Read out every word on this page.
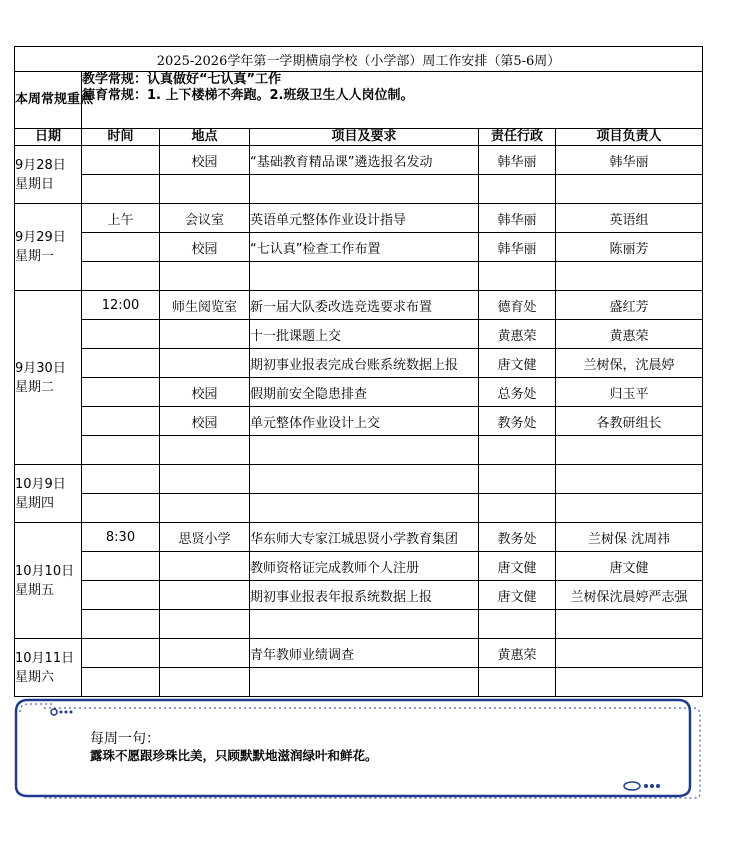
2025-2026学年第一学期横扇学校（小学部）周工作安排（第5-6周）					
本周常规重点	教学常规：认真做好“七认真”工作
德育常规：1. 上下楼梯不奔跑。2.班级卫生人人岗位制。				

日期	时间	地点	项目及要求	责任行政	项目负责人

9月28日
星期日		校园	“基础教育精品课”遴选报名发动	韩华丽	韩华丽

9月29日
星期一	上午	会议室	英语单元整体作业设计指导	韩华丽	英语组
		校园	“七认真”检查工作布置	韩华丽	陈丽芳

9月30日
星期二	12:00	师生阅览室	新一届大队委改选竞选要求布置	德育处	盛红芳
			十一批课题上交	黄惠荣	黄惠荣
			期初事业报表完成台账系统数据上报	唐文健	兰树保，沈晨婷
		校园	假期前安全隐患排查	总务处	归玉平
		校园	单元整体作业设计上交	教务处	各教研组长

10月9日
星期四					

10月10日
星期五	8:30	思贤小学	华东师大专家江城思贤小学教育集团	教务处	兰树保 沈周祎
			教师资格证完成教师个人注册	唐文健	唐文健
			期初事业报表年报系统数据上报	唐文健	兰树保沈晨婷严志强

10月11日
星期六			青年教师业绩调查	黄惠荣	

每周一句：
露珠不愿跟珍珠比美，只顾默默地滋润绿叶和鲜花。
